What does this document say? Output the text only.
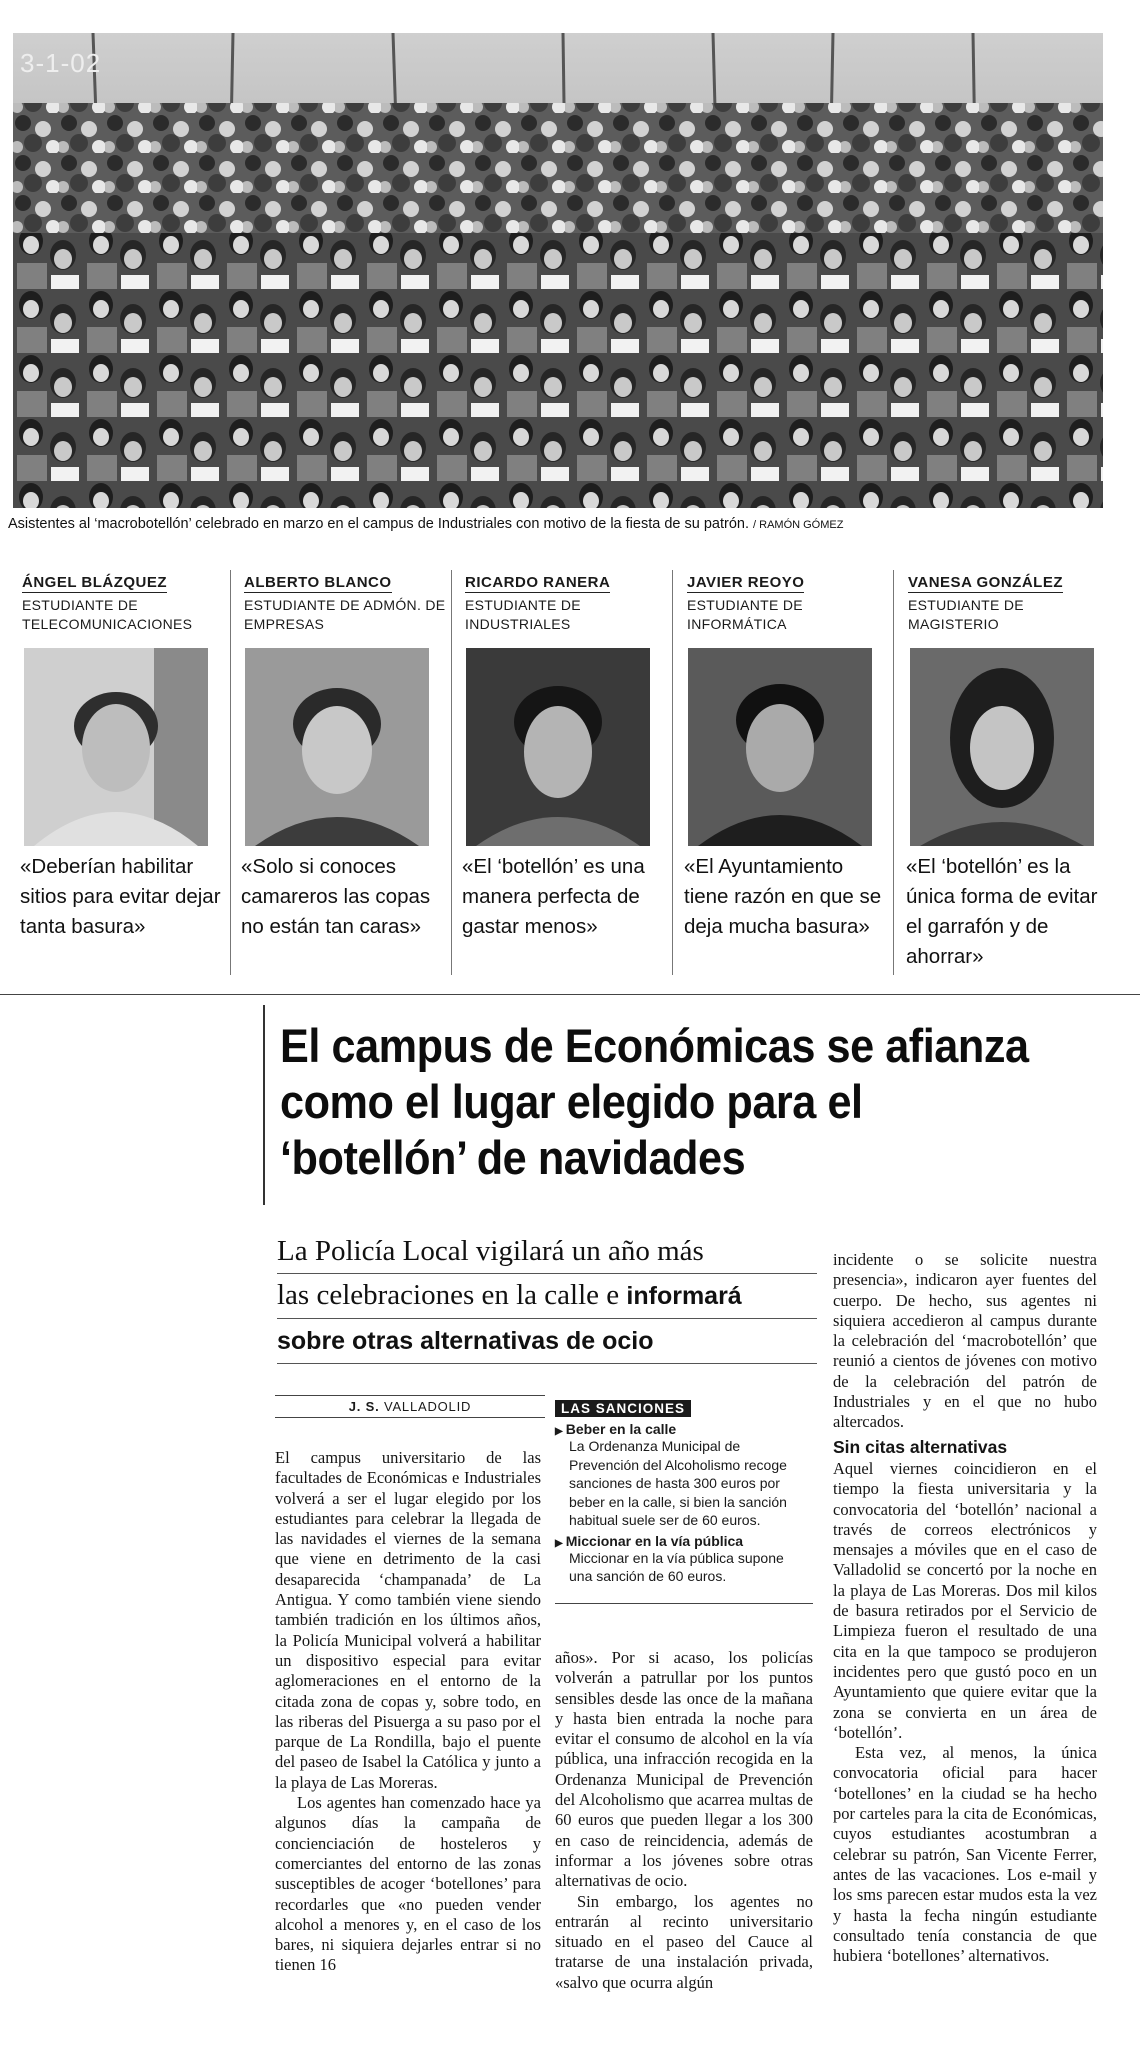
3-1-02
Asistentes al ‘macrobotellón’ celebrado en marzo en el campus de Industriales con motivo de la fiesta de su patrón. / RAMÓN GÓMEZ
ÁNGEL BLÁZQUEZ
ESTUDIANTE DE TELECOMUNICACIONES
ALBERTO BLANCO
ESTUDIANTE DE ADMÓN. DE EMPRESAS
RICARDO RANERA
ESTUDIANTE DE INDUSTRIALES
JAVIER REOYO
ESTUDIANTE DE INFORMÁTICA
VANESA GONZÁLEZ
ESTUDIANTE DE MAGISTERIO
«Deberían habilitar sitios para evitar dejar tanta basura»
«Solo si conoces camareros las copas no están tan caras»
«El ‘botellón’ es una manera perfecta de gastar menos»
«El Ayuntamiento tiene razón en que se deja mucha basura»
«El ‘botellón’ es la única forma de evitar el garrafón y de ahorrar»
El campus de Económicas se afianza como el lugar elegido para el ‘botellón’ de navidades
La Policía Local vigilará un año más
las celebraciones en la calle e informará
sobre otras alternativas de ocio
J. S. VALLADOLID

El campus universitario de las facultades de Económicas e Industriales volverá a ser el lugar elegido por los estudiantes para celebrar la llegada de las navidades el viernes de la semana que viene en detrimento de la casi desaparecida ‘champanada’ de La Antigua. Y como también viene siendo también tradición en los últimos años, la Policía Municipal volverá a habilitar un dispositivo especial para evitar aglomeraciones en el entorno de la citada zona de copas y, sobre todo, en las riberas del Pisuerga a su paso por el parque de La Rondilla, bajo el puente del paseo de Isabel la Católica y junto a la playa de Las Moreras.

Los agentes han comenzado hace ya algunos días la campaña de concienciación de hosteleros y comerciantes del entorno de las zonas susceptibles de acoger ‘botellones’ para recordarles que «no pueden vender alcohol a menores y, en el caso de los bares, ni siquiera dejarles entrar si no tienen 16

LAS SANCIONES
▶ Beber en la calle
La Ordenanza Municipal de Prevención del Alcoholismo recoge sanciones de hasta 300 euros por beber en la calle, si bien la sanción habitual suele ser de 60 euros.
▶ Miccionar en la vía pública
Miccionar en la vía pública supone una sanción de 60 euros.

años». Por si acaso, los policías volverán a patrullar por los puntos sensibles desde las once de la mañana y hasta bien entrada la noche para evitar el consumo de alcohol en la vía pública, una infracción recogida en la Ordenanza Municipal de Prevención del Alcoholismo que acarrea multas de 60 euros que pueden llegar a los 300 en caso de reincidencia, además de informar a los jóvenes sobre otras alternativas de ocio.

Sin embargo, los agentes no entrarán al recinto universitario situado en el paseo del Cauce al tratarse de una instalación privada, «salvo que ocurra algún

incidente o se solicite nuestra presencia», indicaron ayer fuentes del cuerpo. De hecho, sus agentes ni siquiera accedieron al campus durante la celebración del ‘macrobotellón’ que reunió a cientos de jóvenes con motivo de la celebración del patrón de Industriales y en el que no hubo altercados.

Sin citas alternativas

Aquel viernes coincidieron en el tiempo la fiesta universitaria y la convocatoria del ‘botellón’ nacional a través de correos electrónicos y mensajes a móviles que en el caso de Valladolid se concertó por la noche en la playa de Las Moreras. Dos mil kilos de basura retirados por el Servicio de Limpieza fueron el resultado de una cita en la que tampoco se produjeron incidentes pero que gustó poco en un Ayuntamiento que quiere evitar que la zona se convierta en un área de ‘botellón’.

Esta vez, al menos, la única convocatoria oficial para hacer ‘botellones’ en la ciudad se ha hecho por carteles para la cita de Económicas, cuyos estudiantes acostumbran a celebrar su patrón, San Vicente Ferrer, antes de las vacaciones. Los e-mail y los sms parecen estar mudos esta la vez y hasta la fecha ningún estudiante consultado tenía constancia de que hubiera ‘botellones’ alternativos.
